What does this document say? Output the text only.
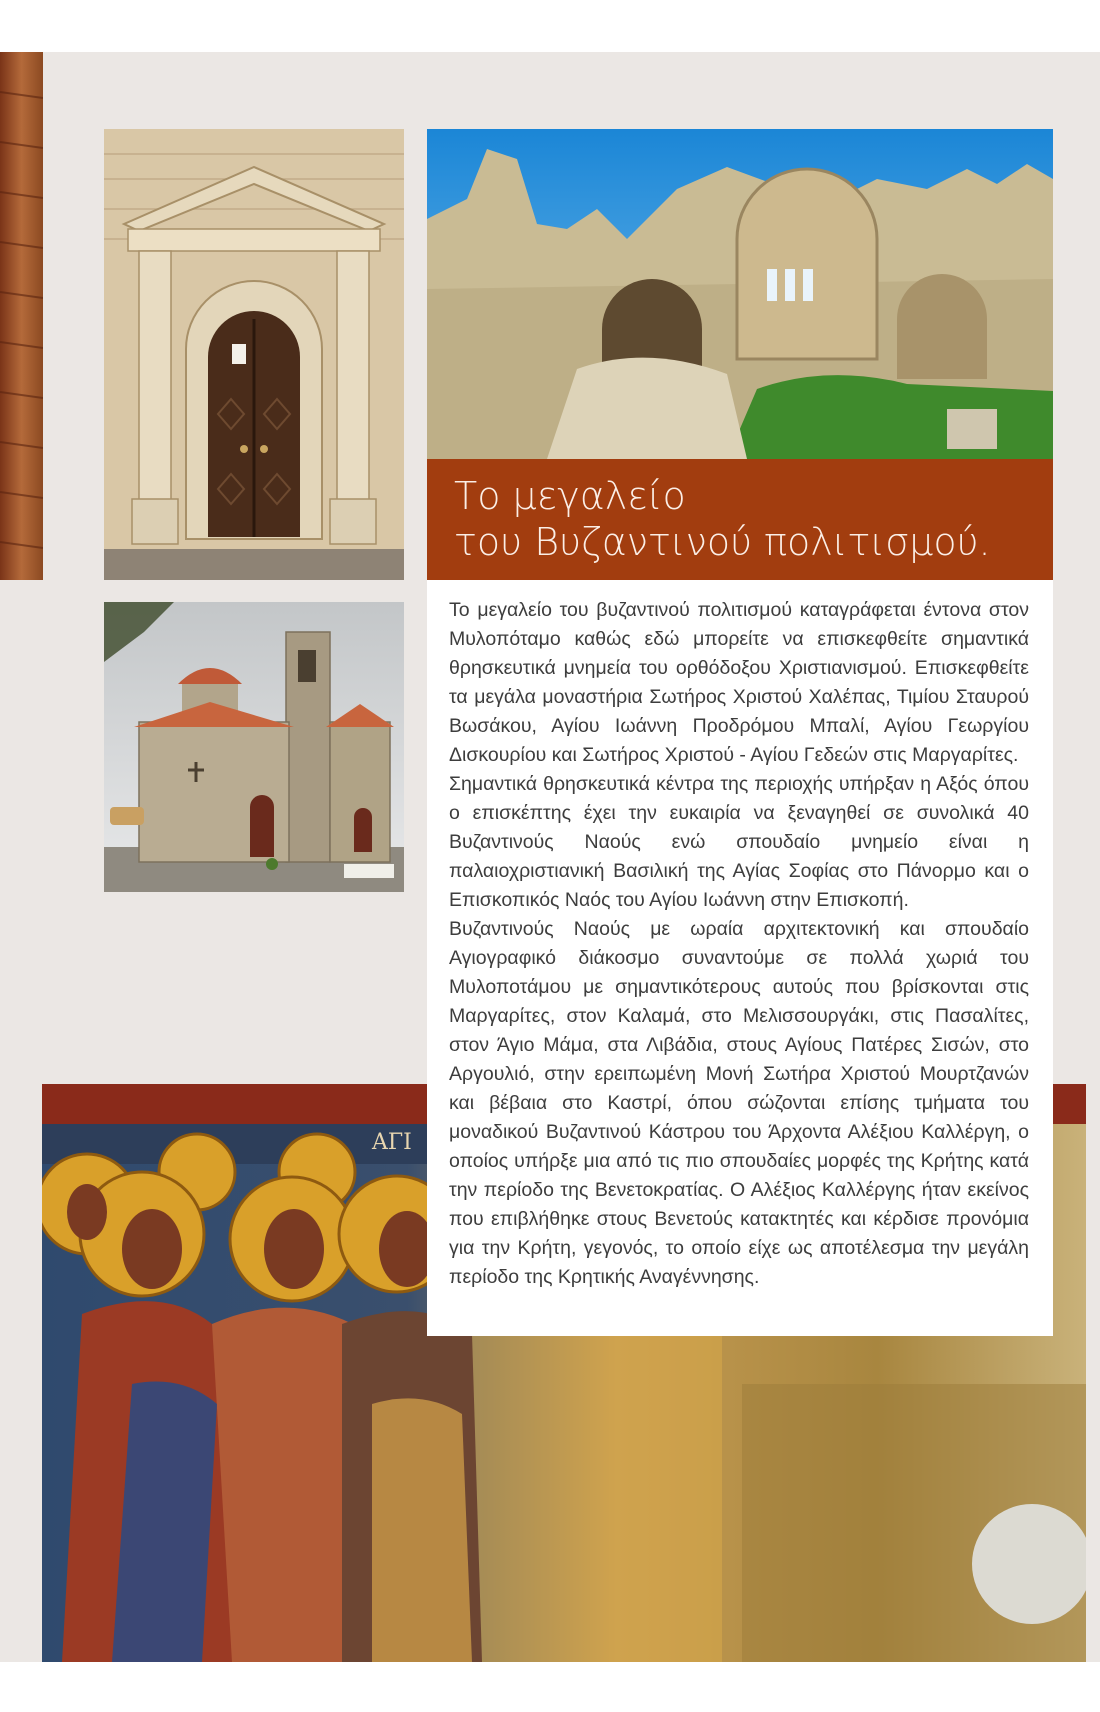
Το μεγαλείο
του Βυζαντινού πολιτισμού.
ΑΓΙ

Το μεγαλείο του βυζαντινού πολιτισμού καταγράφεται έντονα στον Μυλοπόταμο καθώς εδώ μπορείτε να επισκεφθείτε σημαντικά θρησκευτικά μνημεία του ορθόδοξου Χριστιανισμού. Επισκεφθείτε τα μεγάλα μοναστήρια Σωτήρος Χριστού Χαλέπας, Τιμίου Σταυρού Βωσάκου, Αγίου Ιωάννη Προδρόμου Μπαλί, Αγίου Γεωργίου Δισκουρίου και Σωτήρος Χριστού - Αγίου Γεδεών στις Μαργαρίτες.

Σημαντικά θρησκευτικά κέντρα της περιοχής υπήρξαν η Αξός όπου ο επισκέπτης έχει την ευκαιρία να ξεναγηθεί σε συνολικά 40 Βυζαντινούς Ναούς ενώ σπουδαίο μνημείο είναι η παλαιοχριστιανική Βασιλική της Αγίας Σοφίας στο Πάνορμο και ο Επισκοπικός Ναός του Αγίου Ιωάννη στην Επισκοπή.

Βυζαντινούς Ναούς με ωραία αρχιτεκτονική και σπουδαίο Αγιογραφικό διάκοσμο συναντούμε σε πολλά χωριά του Μυλοποτάμου με σημαντικότερους αυτούς που βρίσκονται στις Μαργαρίτες, στον Καλαμά, στο Μελισσουργάκι, στις Πασαλίτες, στον Άγιο Μάμα, στα Λιβάδια, στους Αγίους Πατέρες Σισών, στο Αργουλιό, στην ερειπωμένη Μονή Σωτήρα Χριστού Μουρτζανών και βέβαια στο Καστρί, όπου σώζονται επίσης τμήματα του μοναδικού Βυζαντινού Κάστρου του Άρχοντα Αλέξιου Καλλέργη, ο οποίος υπήρξε μια από τις πιο σπουδαίες μορφές της Κρήτης κατά την περίοδο της Βενετοκρατίας. Ο Αλέξιος Καλλέργης ήταν εκείνος που επιβλήθηκε στους Βενετούς κατακτητές και κέρδισε προνόμια για την Κρήτη, γεγονός, το οποίο είχε ως αποτέλεσμα την μεγάλη περίοδο της Κρητικής Αναγέννησης.
